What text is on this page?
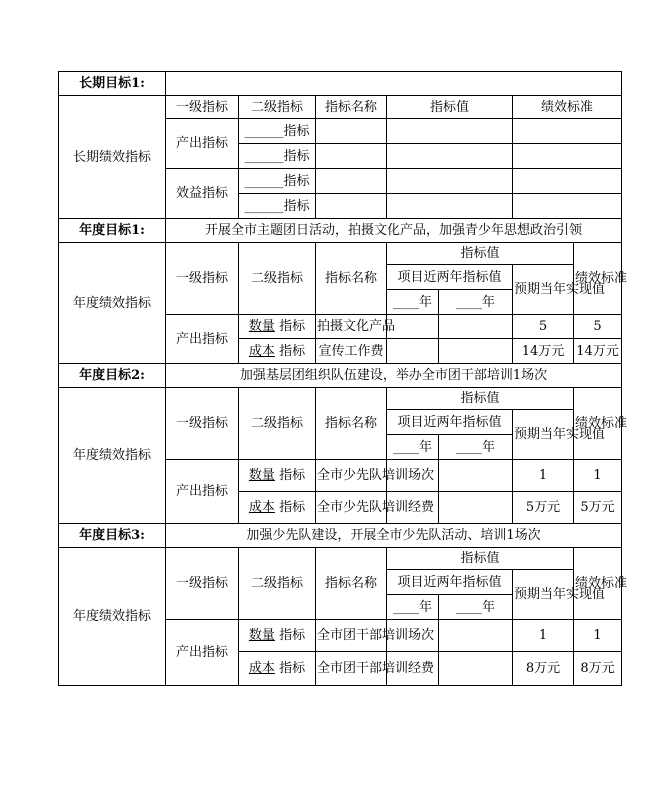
长期目标1:							
长期绩效指标	一级指标	二级指标	指标名称	指标值		绩效标准	
	产出指标	______指标					
		______指标					
	效益指标	______指标					
		______指标					
年度目标1:	开展全市主题团日活动，拍摄文化产品，加强青少年思想政治引领						
年度绩效指标	一级指标	二级指标	指标名称	指标值			绩效标准
				项目近两年指标值		预期当年实现值	
				____年	____年		
	产出指标	数量 指标	拍摄文化产品			5	5
		成本 指标	宣传工作费			14万元	14万元
年度目标2:	加强基层团组织队伍建设，举办全市团干部培训1场次						
年度绩效指标	一级指标	二级指标	指标名称	指标值			绩效标准
				项目近两年指标值		预期当年实现值	
				____年	____年		
	产出指标	数量 指标	全市少先队培训场次			1	1
		成本 指标	全市少先队培训经费			5万元	5万元
年度目标3:	加强少先队建设，开展全市少先队活动、培训1场次						
年度绩效指标	一级指标	二级指标	指标名称	指标值			绩效标准
				项目近两年指标值		预期当年实现值	
				____年	____年		
	产出指标	数量 指标	全市团干部培训场次			1	1
		成本 指标	全市团干部培训经费			8万元	8万元
